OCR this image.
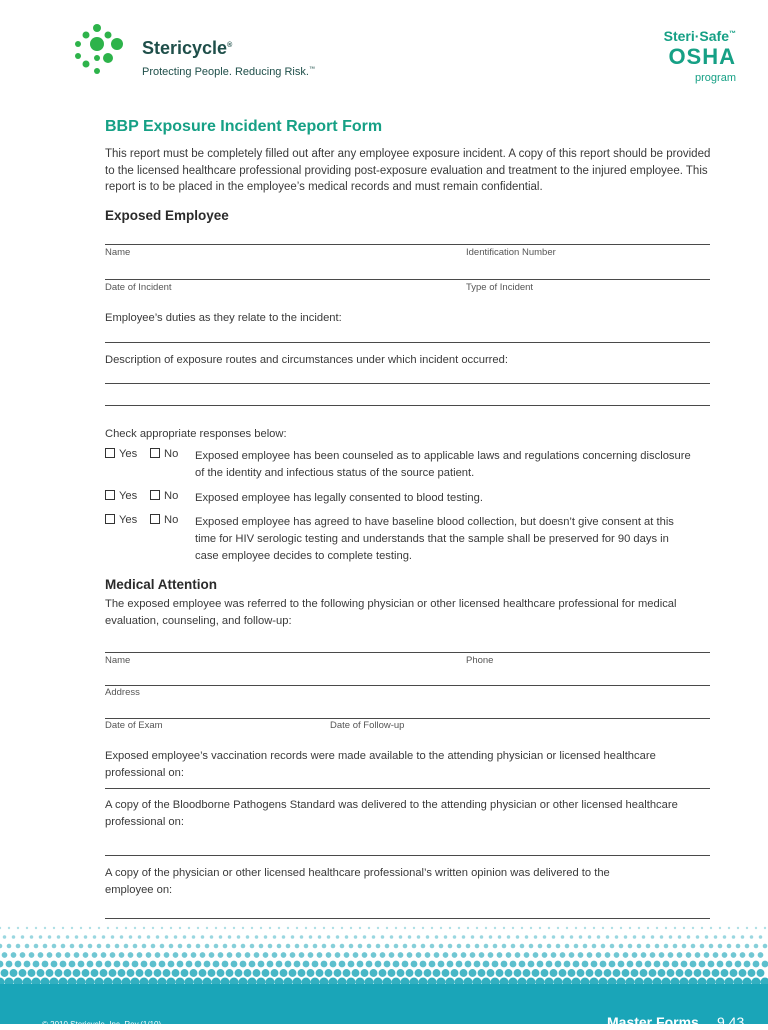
Stericycle®
Protecting People. Reducing Risk.™
Steri·Safe™
OSHA
program
BBP Exposure Incident Report Form
This report must be completely filled out after any employee exposure incident. A copy of this report should be provided to the licensed healthcare professional providing post-exposure evaluation and treatment to the injured employee. This report is to be placed in the employee’s medical records and must remain confidential.
Exposed Employee
Name	Identification Number
Date of Incident	Type of Incident
Employee’s duties as they relate to the incident:
Description of exposure routes and circumstances under which incident occurred:
Check appropriate responses below:
Yes	No Exposed employee has been counseled as to applicable laws and regulations concerning disclosure of the identity and infectious status of the source patient.
Yes	No Exposed employee has legally consented to blood testing.
Yes	No Exposed employee has agreed to have baseline blood collection, but doesn’t give consent at this time for HIV serologic testing and understands that the sample shall be preserved for 90 days in case employee decides to complete testing.
Medical Attention
The exposed employee was referred to the following physician or other licensed healthcare professional for medical evaluation, counseling, and follow-up:
Name	Phone
Address
Date of Exam	Date of Follow-up
Exposed employee’s vaccination records were made available to the attending physician or licensed healthcare professional on:
A copy of the Bloodborne Pathogens Standard was delivered to the attending physician or other licensed healthcare professional on:
A copy of the physician or other licensed healthcare professional’s written opinion was delivered to the employee on:
© 2010 Stericycle, Inc. Rev.(1/10)	Master Forms 9.43
